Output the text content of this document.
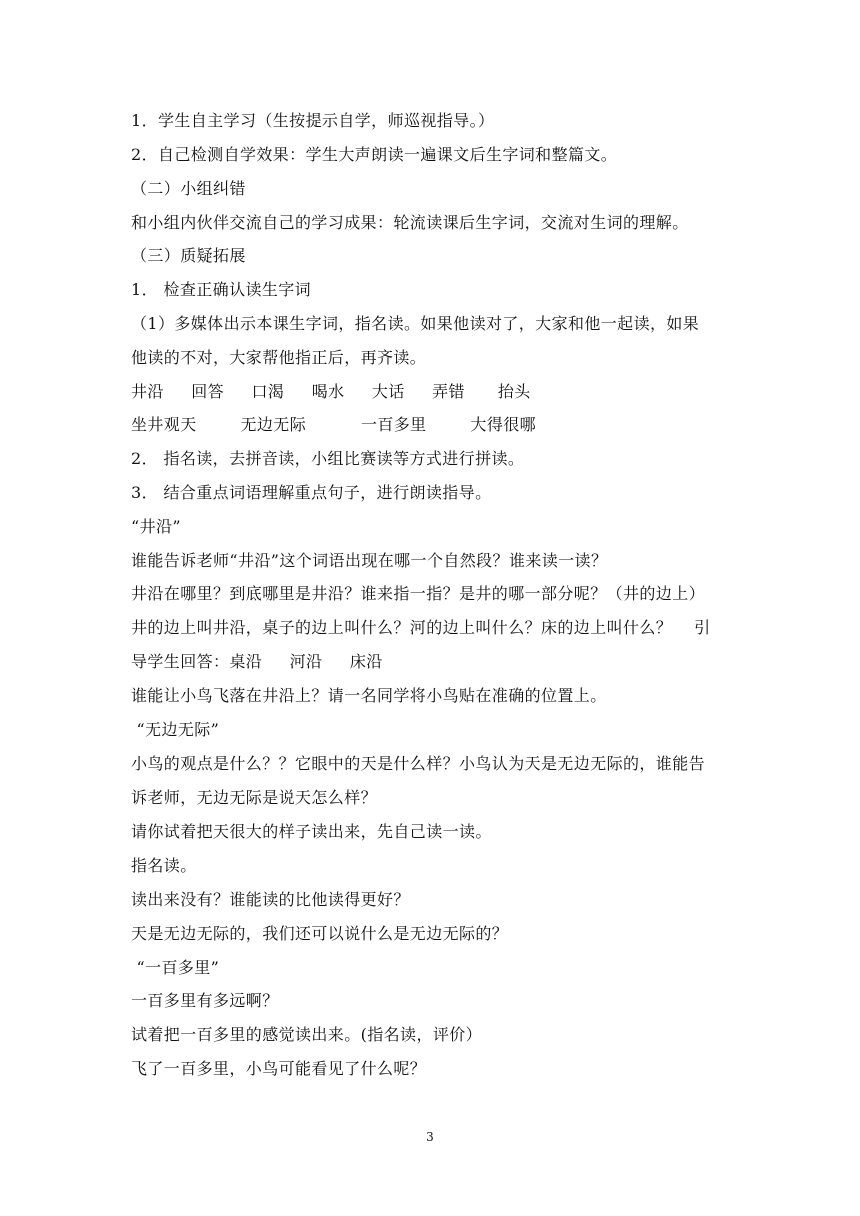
1．学生自主学习（生按提示自学，师巡视指导。）
2．自己检测自学效果：学生大声朗读一遍课文后生字词和整篇文。
（二）小组纠错
和小组内伙伴交流自己的学习成果：轮流读课后生字词，交流对生词的理解。
（三）质疑拓展
1． 检查正确认读生字词
（1）多媒体出示本课生字词，指名读。如果他读对了，大家和他一起读，如果
他读的不对，大家帮他指正后，再齐读。
井沿     回答     口渴     喝水     大话     弄错      抬头
坐井观天        无边无际          一百多里        大得很哪
2． 指名读，去拼音读，小组比赛读等方式进行拼读。
3． 结合重点词语理解重点句子，进行朗读指导。
“井沿”
谁能告诉老师“井沿”这个词语出现在哪一个自然段？谁来读一读？
井沿在哪里？到底哪里是井沿？谁来指一指？是井的哪一部分呢？（井的边上）
井的边上叫井沿，桌子的边上叫什么？河的边上叫什么？床的边上叫什么？    引
导学生回答：桌沿     河沿     床沿
谁能让小鸟飞落在井沿上？请一名同学将小鸟贴在准确的位置上。
“无边无际”
小鸟的观点是什么？？它眼中的天是什么样？小鸟认为天是无边无际的，谁能告
诉老师，无边无际是说天怎么样？
请你试着把天很大的样子读出来，先自己读一读。
指名读。
读出来没有？谁能读的比他读得更好？
天是无边无际的，我们还可以说什么是无边无际的？
“一百多里”
一百多里有多远啊？
试着把一百多里的感觉读出来。(指名读，评价）
飞了一百多里，小鸟可能看见了什么呢？
3
